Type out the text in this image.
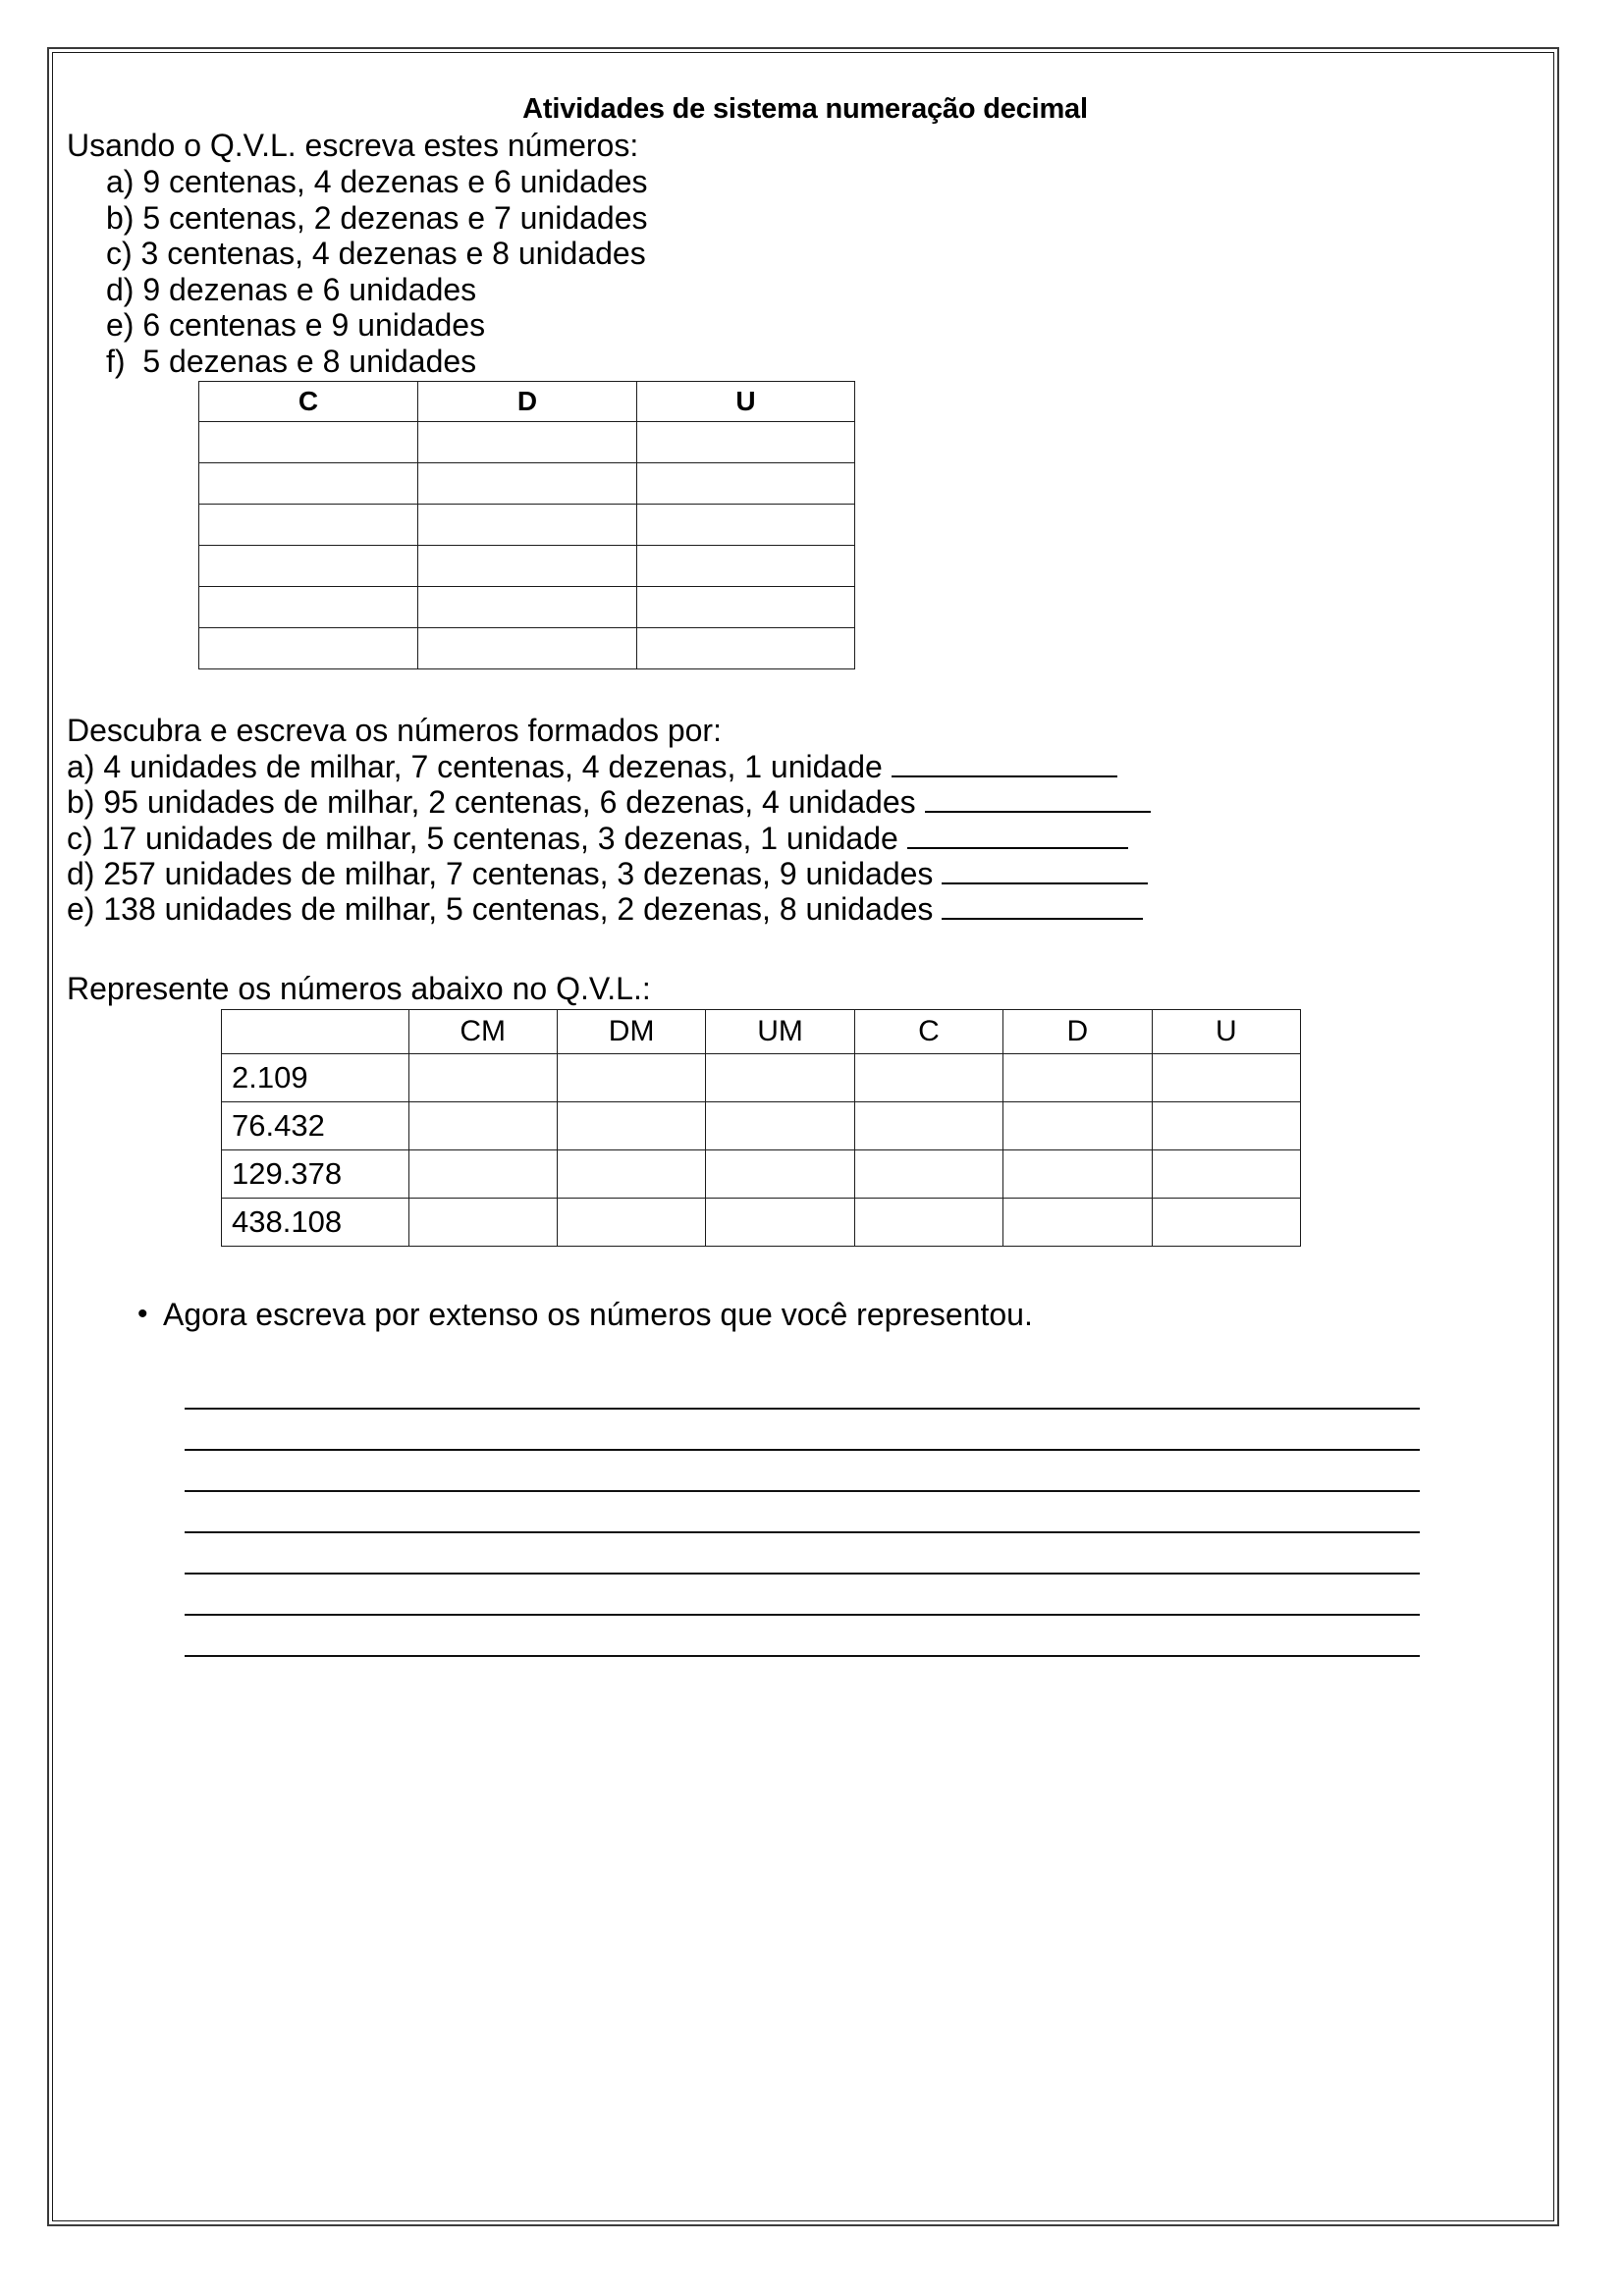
Atividades de sistema numeração decimal
Usando o Q.V.L. escreva estes números:
a) 9 centenas, 4 dezenas e 6 unidades
b) 5 centenas, 2 dezenas e 7 unidades
c) 3 centenas, 4 dezenas e 8 unidades
d) 9 dezenas e 6 unidades
e) 6 centenas e 9 unidades
f)  5 dezenas e 8 unidades
C	D	U

Descubra e escreva os números formados por:
a) 4 unidades de milhar, 7 centenas, 4 dezenas, 1 unidade
b) 95 unidades de milhar, 2 centenas, 6 dezenas, 4 unidades
c) 17 unidades de milhar, 5 centenas, 3 dezenas, 1 unidade
d) 257 unidades de milhar, 7 centenas, 3 dezenas, 9 unidades
e) 138 unidades de milhar, 5 centenas, 2 dezenas, 8 unidades
Represente os números abaixo no Q.V.L.:
	CM	DM	UM	C	D	U
2.109						
76.432						
129.378						
438.108						
• Agora escreva por extenso os números que você representou.
